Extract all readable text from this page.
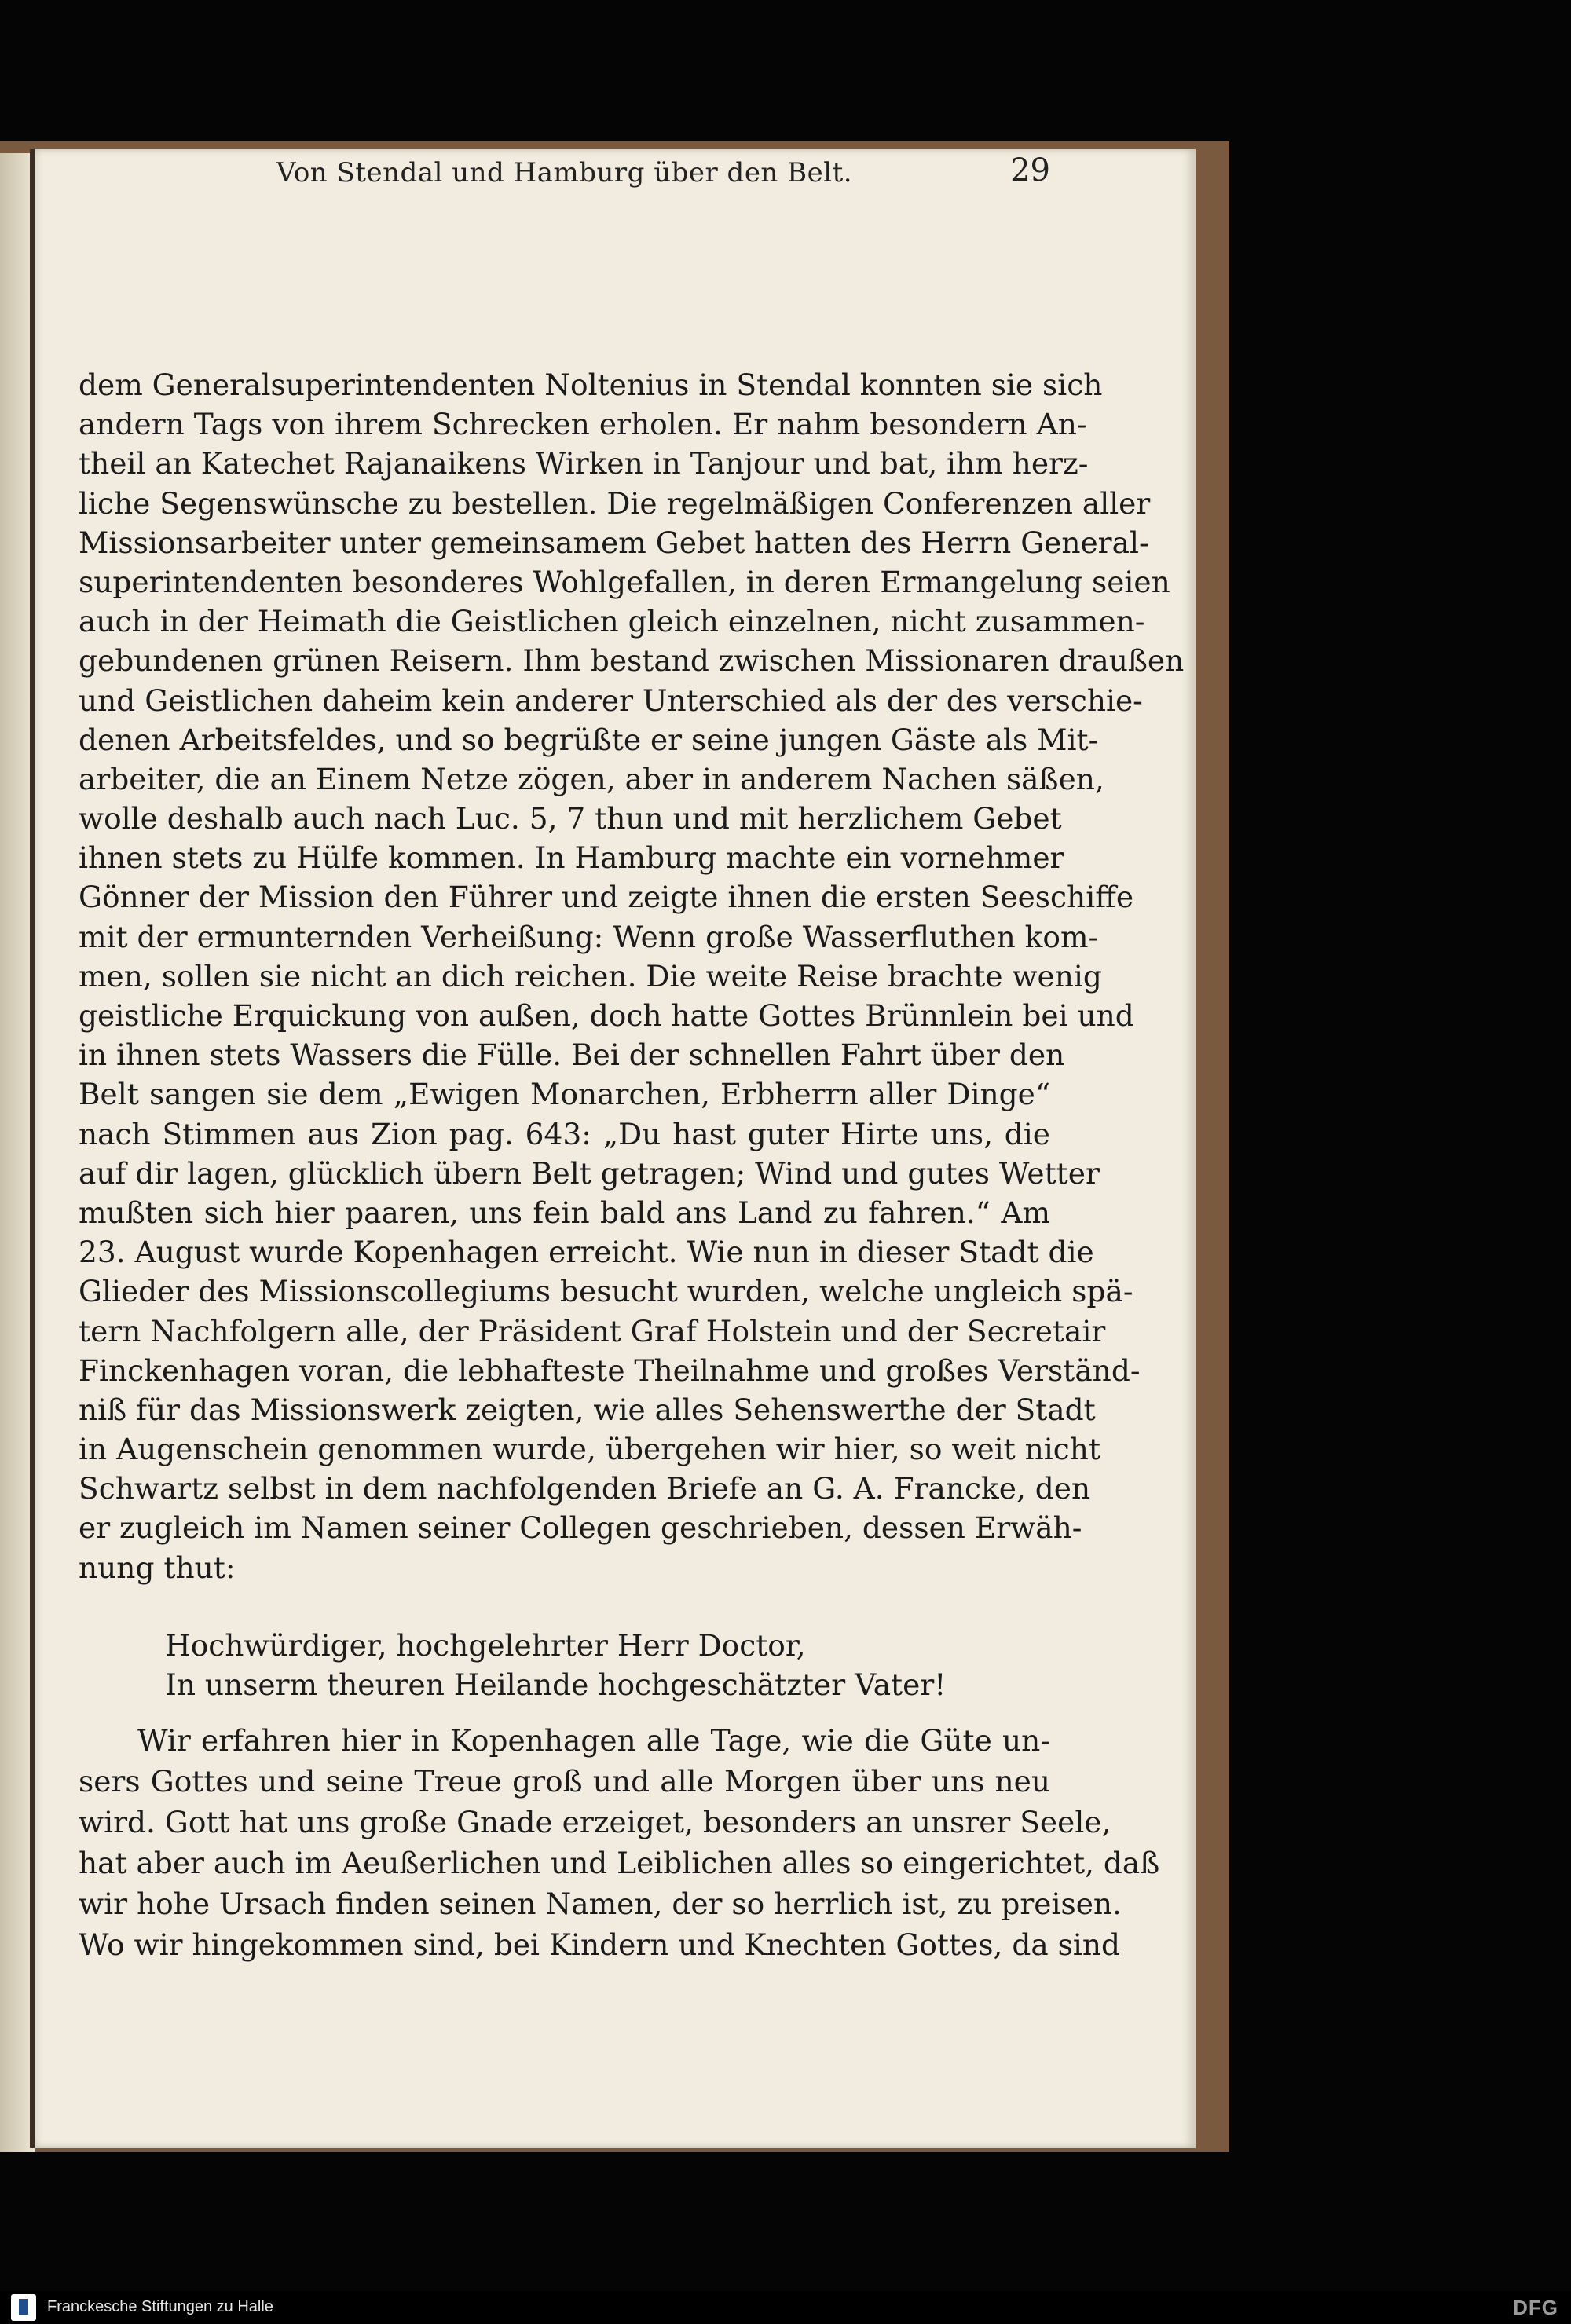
Von Stendal und Hamburg über den Belt.	29
dem Generalsuperintendenten Noltenius in Stendal konnten sie sich
andern Tags von ihrem Schrecken erholen. Er nahm besondern An-
theil an Katechet Rajanaikens Wirken in Tanjour und bat, ihm herz-
liche Segenswünsche zu bestellen. Die regelmäßigen Conferenzen aller
Missionsarbeiter unter gemeinsamem Gebet hatten des Herrn General-
superintendenten besonderes Wohlgefallen, in deren Ermangelung seien
auch in der Heimath die Geistlichen gleich einzelnen, nicht zusammen-
gebundenen grünen Reisern. Ihm bestand zwischen Missionaren draußen
und Geistlichen daheim kein anderer Unterschied als der des verschie-
denen Arbeitsfeldes, und so begrüßte er seine jungen Gäste als Mit-
arbeiter, die an Einem Netze zögen, aber in anderem Nachen säßen,
wolle deshalb auch nach Luc. 5, 7 thun und mit herzlichem Gebet
ihnen stets zu Hülfe kommen. In Hamburg machte ein vornehmer
Gönner der Mission den Führer und zeigte ihnen die ersten Seeschiffe
mit der ermunternden Verheißung: Wenn große Wasserfluthen kom-
men, sollen sie nicht an dich reichen. Die weite Reise brachte wenig
geistliche Erquickung von außen, doch hatte Gottes Brünnlein bei und
in ihnen stets Wassers die Fülle. Bei der schnellen Fahrt über den
Belt sangen sie dem „Ewigen Monarchen, Erbherrn aller Dinge“
nach Stimmen aus Zion pag. 643: „Du hast guter Hirte uns, die
auf dir lagen, glücklich übern Belt getragen; Wind und gutes Wetter
mußten sich hier paaren, uns fein bald ans Land zu fahren.“ Am
23. August wurde Kopenhagen erreicht. Wie nun in dieser Stadt die
Glieder des Missionscollegiums besucht wurden, welche ungleich spä-
tern Nachfolgern alle, der Präsident Graf Holstein und der Secretair
Finckenhagen voran, die lebhafteste Theilnahme und großes Verständ-
niß für das Missionswerk zeigten, wie alles Sehenswerthe der Stadt
in Augenschein genommen wurde, übergehen wir hier, so weit nicht
Schwartz selbst in dem nachfolgenden Briefe an G. A. Francke, den
er zugleich im Namen seiner Collegen geschrieben, dessen Erwäh-
nung thut:
Hochwürdiger, hochgelehrter Herr Doctor,
In unserm theuren Heilande hochgeschätzter Vater!
Wir erfahren hier in Kopenhagen alle Tage, wie die Güte un-
sers Gottes und seine Treue groß und alle Morgen über uns neu
wird. Gott hat uns große Gnade erzeiget, besonders an unsrer Seele,
hat aber auch im Aeußerlichen und Leiblichen alles so eingerichtet, daß
wir hohe Ursach finden seinen Namen, der so herrlich ist, zu preisen.
Wo wir hingekommen sind, bei Kindern und Knechten Gottes, da sind
Franckesche Stiftungen zu Halle	DFG
